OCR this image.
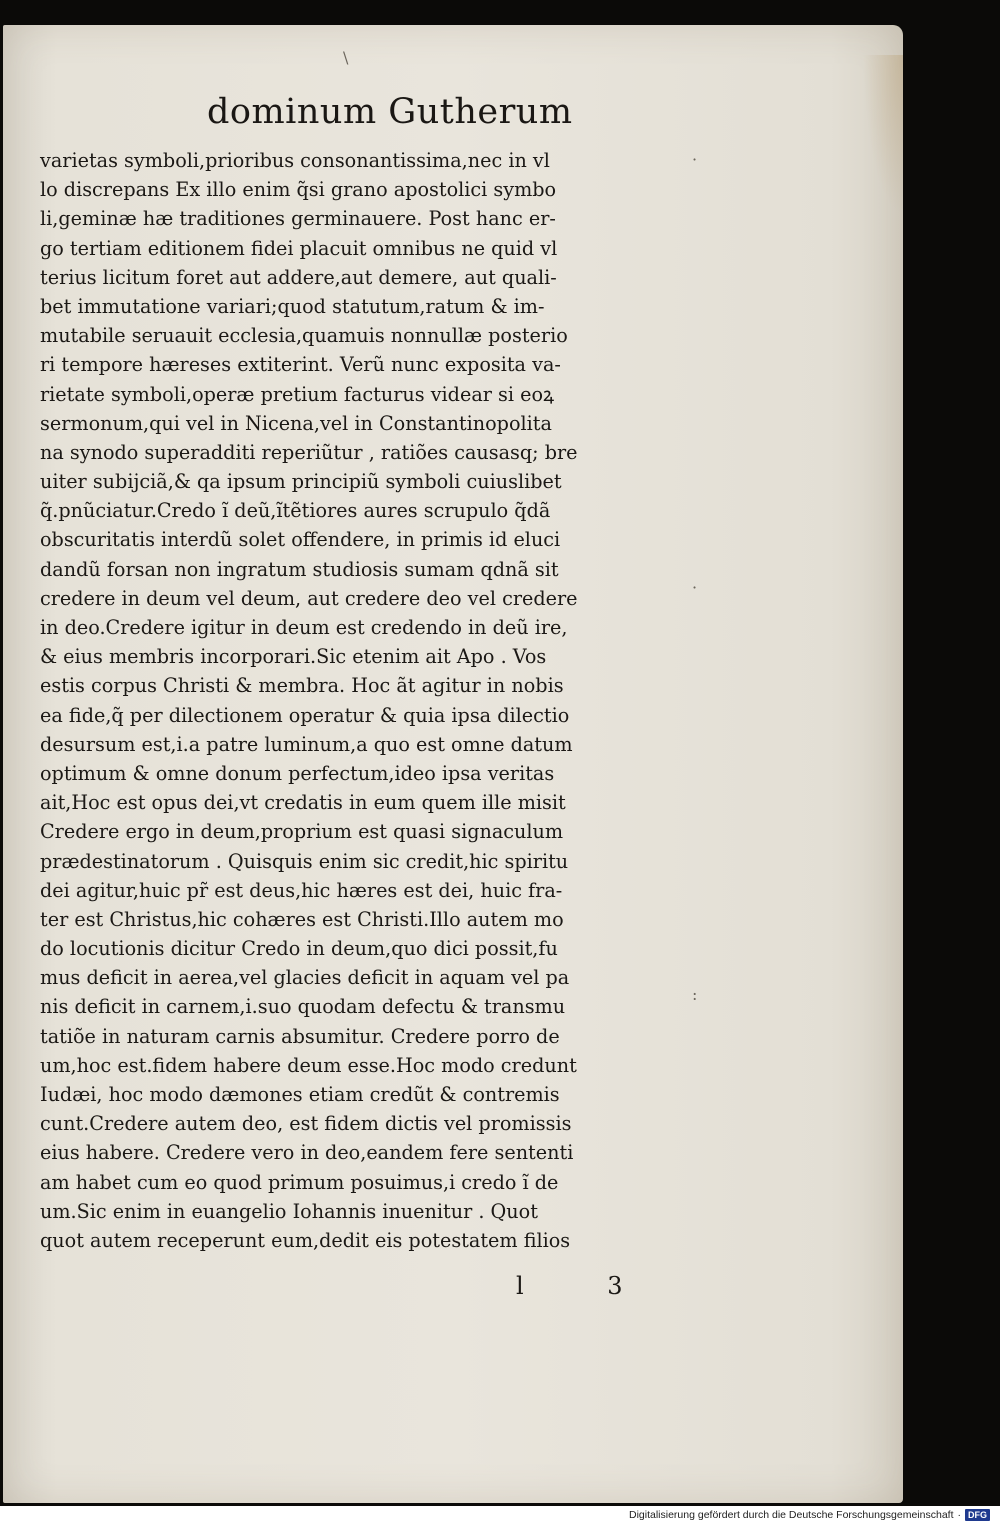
\
·
·
:
dominum Gutherum
varietas symboli,prioribus consonantissima,nec in vl
lo discrepans Ex illo enim q̃si grano apostolici symbo
li,geminæ hæ traditiones germinauere. Post hanc er-
go tertiam editionem fidei placuit omnibus ne quid vl
terius licitum foret aut addere,aut demere, aut quali-
bet immutatione variari;quod statutum,ratum & im-
mutabile seruauit ecclesia,quamuis nonnullæ posterio
ri tempore hæreses extiterint. Verũ nunc exposita va-
rietate symboli,operæ pretium facturus videar si eoꝝ
sermonum,qui vel in Nicena,vel in Constantinopolita
na synodo superadditi reperiũtur , ratiões causasq; bre
uiter subijciã,& qa ipsum principiũ symboli cuiuslibet
q̃.pnũciatur.Credo ĩ deũ,ĩtẽtiores aures scrupulo q̃dã
obscuritatis interdũ solet offendere, in primis id eluci
dandũ forsan non ingratum studiosis sumam qdnã sit
credere in deum vel deum, aut credere deo vel credere
in deo.Credere igitur in deum est credendo in deũ ire,
& eius membris incorporari.Sic etenim ait Apo . Vos
estis corpus Christi & membra. Hoc ãt agitur in nobis
ea fide,q̃ per dilectionem operatur & quia ipsa dilectio
desursum est,i.a patre luminum,a quo est omne datum
optimum & omne donum perfectum,ideo ipsa veritas
ait,Hoc est opus dei,vt credatis in eum quem ille misit
Credere ergo in deum,proprium est quasi signaculum
prædestinatorum . Quisquis enim sic credit,hic spiritu
dei agitur,huic pr̃ est deus,hic hæres est dei, huic fra-
ter est Christus,hic cohæres est Christi.Illo autem mo
do locutionis dicitur Credo in deum,quo dici possit,fu
mus deficit in aerea,vel glacies deficit in aquam vel pa
nis deficit in carnem,i.suo quodam defectu & transmu
tatiõe in naturam carnis absumitur. Credere porro de
um,hoc est.fidem habere deum esse.Hoc modo credunt
Iudæi, hoc modo dæmones etiam credũt & contremis
cunt.Credere autem deo, est fidem dictis vel promissis
eius habere. Credere vero in deo,eandem fere sententi
am habet cum eo quod primum posuimus,i credo ĩ de
um.Sic enim in euangelio Iohannis inuenitur . Quot
quot autem receperunt eum,dedit eis potestatem filios
l 3
Digitalisierung gefördert durch die Deutsche Forschungsgemeinschaft · DFG
